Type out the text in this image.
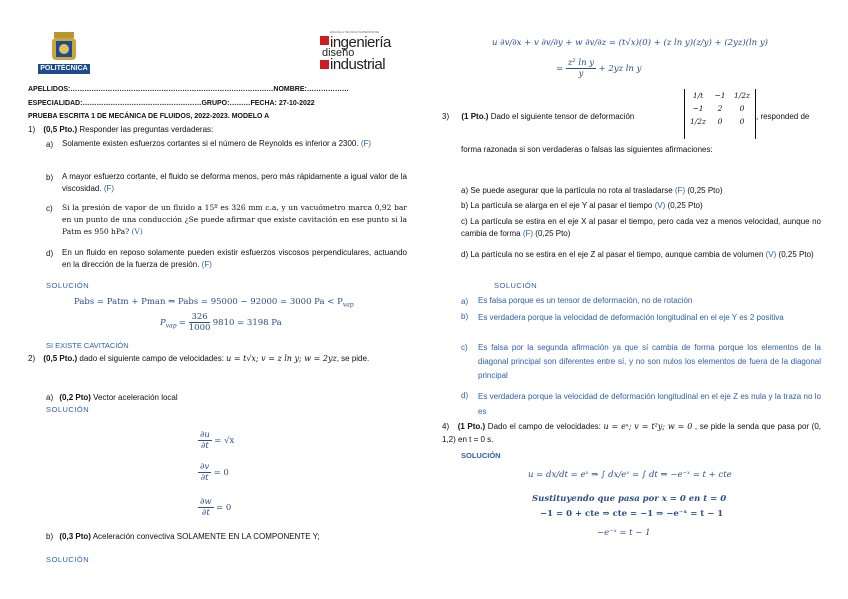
POLITÉCNICA
ESCUELA TÉCNICA SUPERIOR DE
ingeniería
diseño
industrial
APELLIDOS:……………………………………………………………………………NOMBRE:………………
ESPECIALIDAD:……………………………………………GRUPO:………FECHA: 27-10-2022
PRUEBA ESCRITA 1 DE MECÁNICA DE FLUIDOS, 2022-2023. MODELO A
1) (0,5 Pto.) Responder las preguntas verdaderas:
a) Solamente existen esfuerzos cortantes si el número de Reynolds es inferior a 2300. (F)
b) A mayor esfuerzo cortante, el fluido se deforma menos, pero más rápidamente a igual valor de la viscosidad. (F)
c) Si la presión de vapor de un fluido a 15º es 326 mm c.a, y un vacuómetro marca 0,92 bar en un punto de una conducción ¿Se puede afirmar que existe cavitación en ese punto si la Patm es 950 hPa? (V)
d) En un fluido en reposo solamente pueden existir esfuerzos viscosos perpendiculares, actuando en la dirección de la fuerza de presión. (F)
SOLUCIÓN
Pabs = Patm + Pman ⇒ Pabs = 95000 − 92000 = 3000 $Pa < P_{vap}$
$P_{vap} = \frac{326}{1000} 9810 = 3198$ Pa
SI EXISTE CAVITACIÓN
2) (0,5 Pto.) dado el siguiente campo de velocidades: u = t√x; v = z ln y; w = 2yz, se pide.
a) (0,2 Pto) Vector aceleración local
SOLUCIÓN
$\frac{\partial u}{\partial t} = √x$
$\frac{\partial v}{\partial t} = 0$
$\frac{\partial w}{\partial t} = 0$
b) (0,3 Pto) Aceleración convectiva SOLAMENTE EN LA COMPONENTE Y;
SOLUCIÓN
u ∂v/∂x + v ∂v/∂y + w ∂v/∂z = (t√x)(0) + (z ln y)(z/y) + (2yz)(ln y)
= $\frac{\text{z² ln y}}{y} + 2yz$ ln y
3) (1 Pto.) Dado el siguiente tensor de deformación
1/t	−1	1/2z
−1	2	0
1/2z	0	0
, responded de
forma razonada si son verdaderas o falsas las siguientes afirmaciones:
a) Se puede asegurar que la partícula no rota al trasladarse (F) (0,25 Pto)
b) La partícula se alarga en el eje Y al pasar el tiempo (V) (0,25 Pto)
c) La partícula se estira en el eje X al pasar el tiempo, pero cada vez a menos velocidad, aunque no cambia de forma (F) (0,25 Pto)
d) La partícula no se estira en el eje Z al pasar el tiempo, aunque cambia de volumen (V) (0,25 Pto)
SOLUCIÓN
a) Es falsa porque es un tensor de deformación, no de rotación
b) Es verdadera porque la velocidad de deformación longitudinal en el eje Y es 2 positiva
c) Es falsa por la segunda afirmación ya que sí cambia de forma porque los elementos de la diagonal principal son diferentes entre sí, y no son nulos los elementos de fuera de la diagonal principal
d) Es verdadera porque la velocidad de deformación longitudinal en el eje Z es nula y la traza no lo es
4) (1 Pto.) Dado el campo de velocidades: u = eˣ; v = t²y; w = 0 , se pide la senda que pasa por (0, 1,2) en t = 0 s.
SOLUCIÓN
u = dx/dt = eˣ ⇒ ∫ dx/eˣ = ∫ dt ⇒ −e⁻ˣ = t + cte
Sustituyendo que pasa por x = 0 en t = 0
−1 = 0 + cte ⇒ cte = −1 ⇒ −e⁻ˣ = t − 1
−e⁻ˣ = t − 1
